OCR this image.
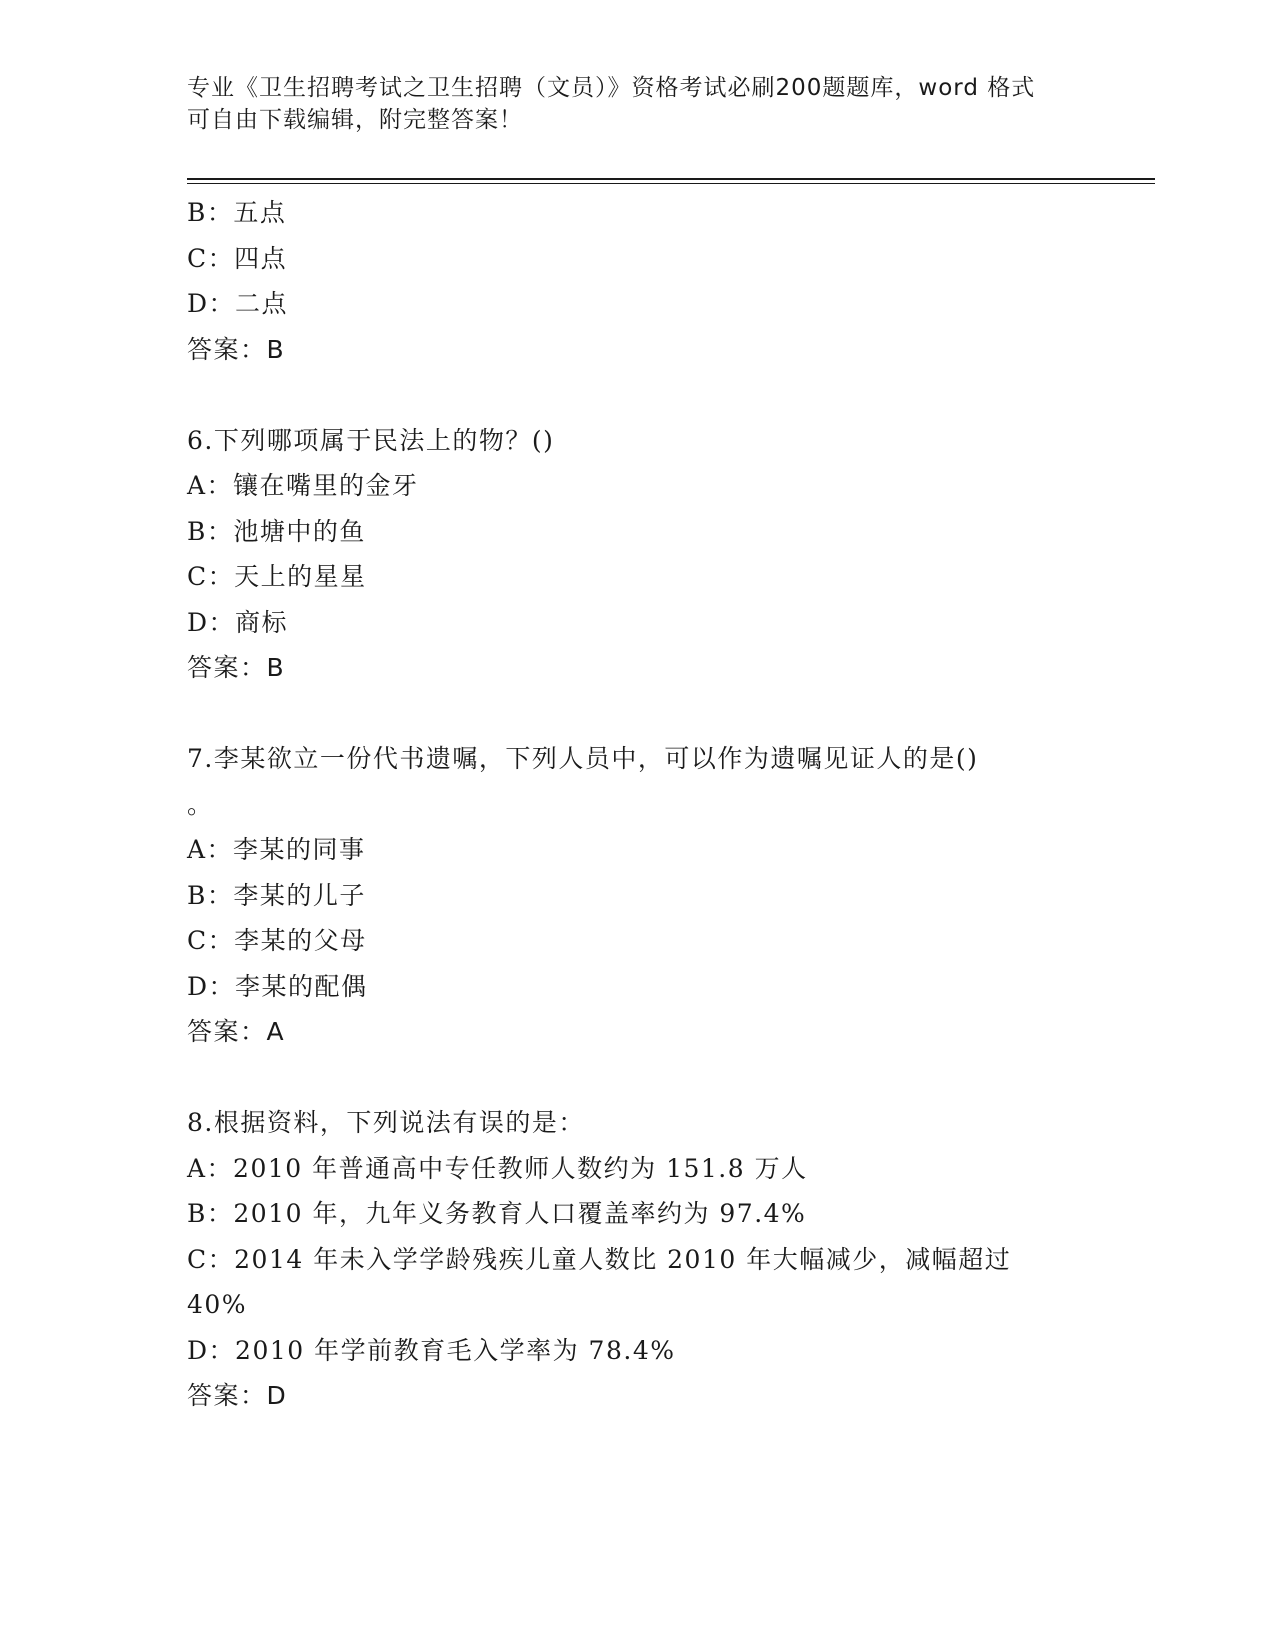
专业《卫生招聘考试之卫生招聘（文员）》资格考试必刷200题题库，word 格式
可自由下载编辑，附完整答案！
B：五点
C：四点
D：二点
答案：B
6.下列哪项属于民法上的物？()
A：镶在嘴里的金牙
B：池塘中的鱼
C：天上的星星
D：商标
答案：B
7.李某欲立一份代书遗嘱，下列人员中，可以作为遗嘱见证人的是()
。
A：李某的同事
B：李某的儿子
C：李某的父母
D：李某的配偶
答案：A
8.根据资料，下列说法有误的是：
A：2010 年普通高中专任教师人数约为 151.8 万人
B：2010 年，九年义务教育人口覆盖率约为 97.4%
C：2014 年未入学学龄残疾儿童人数比 2010 年大幅减少，减幅超过
40%
D：2010 年学前教育毛入学率为 78.4%
答案：D
